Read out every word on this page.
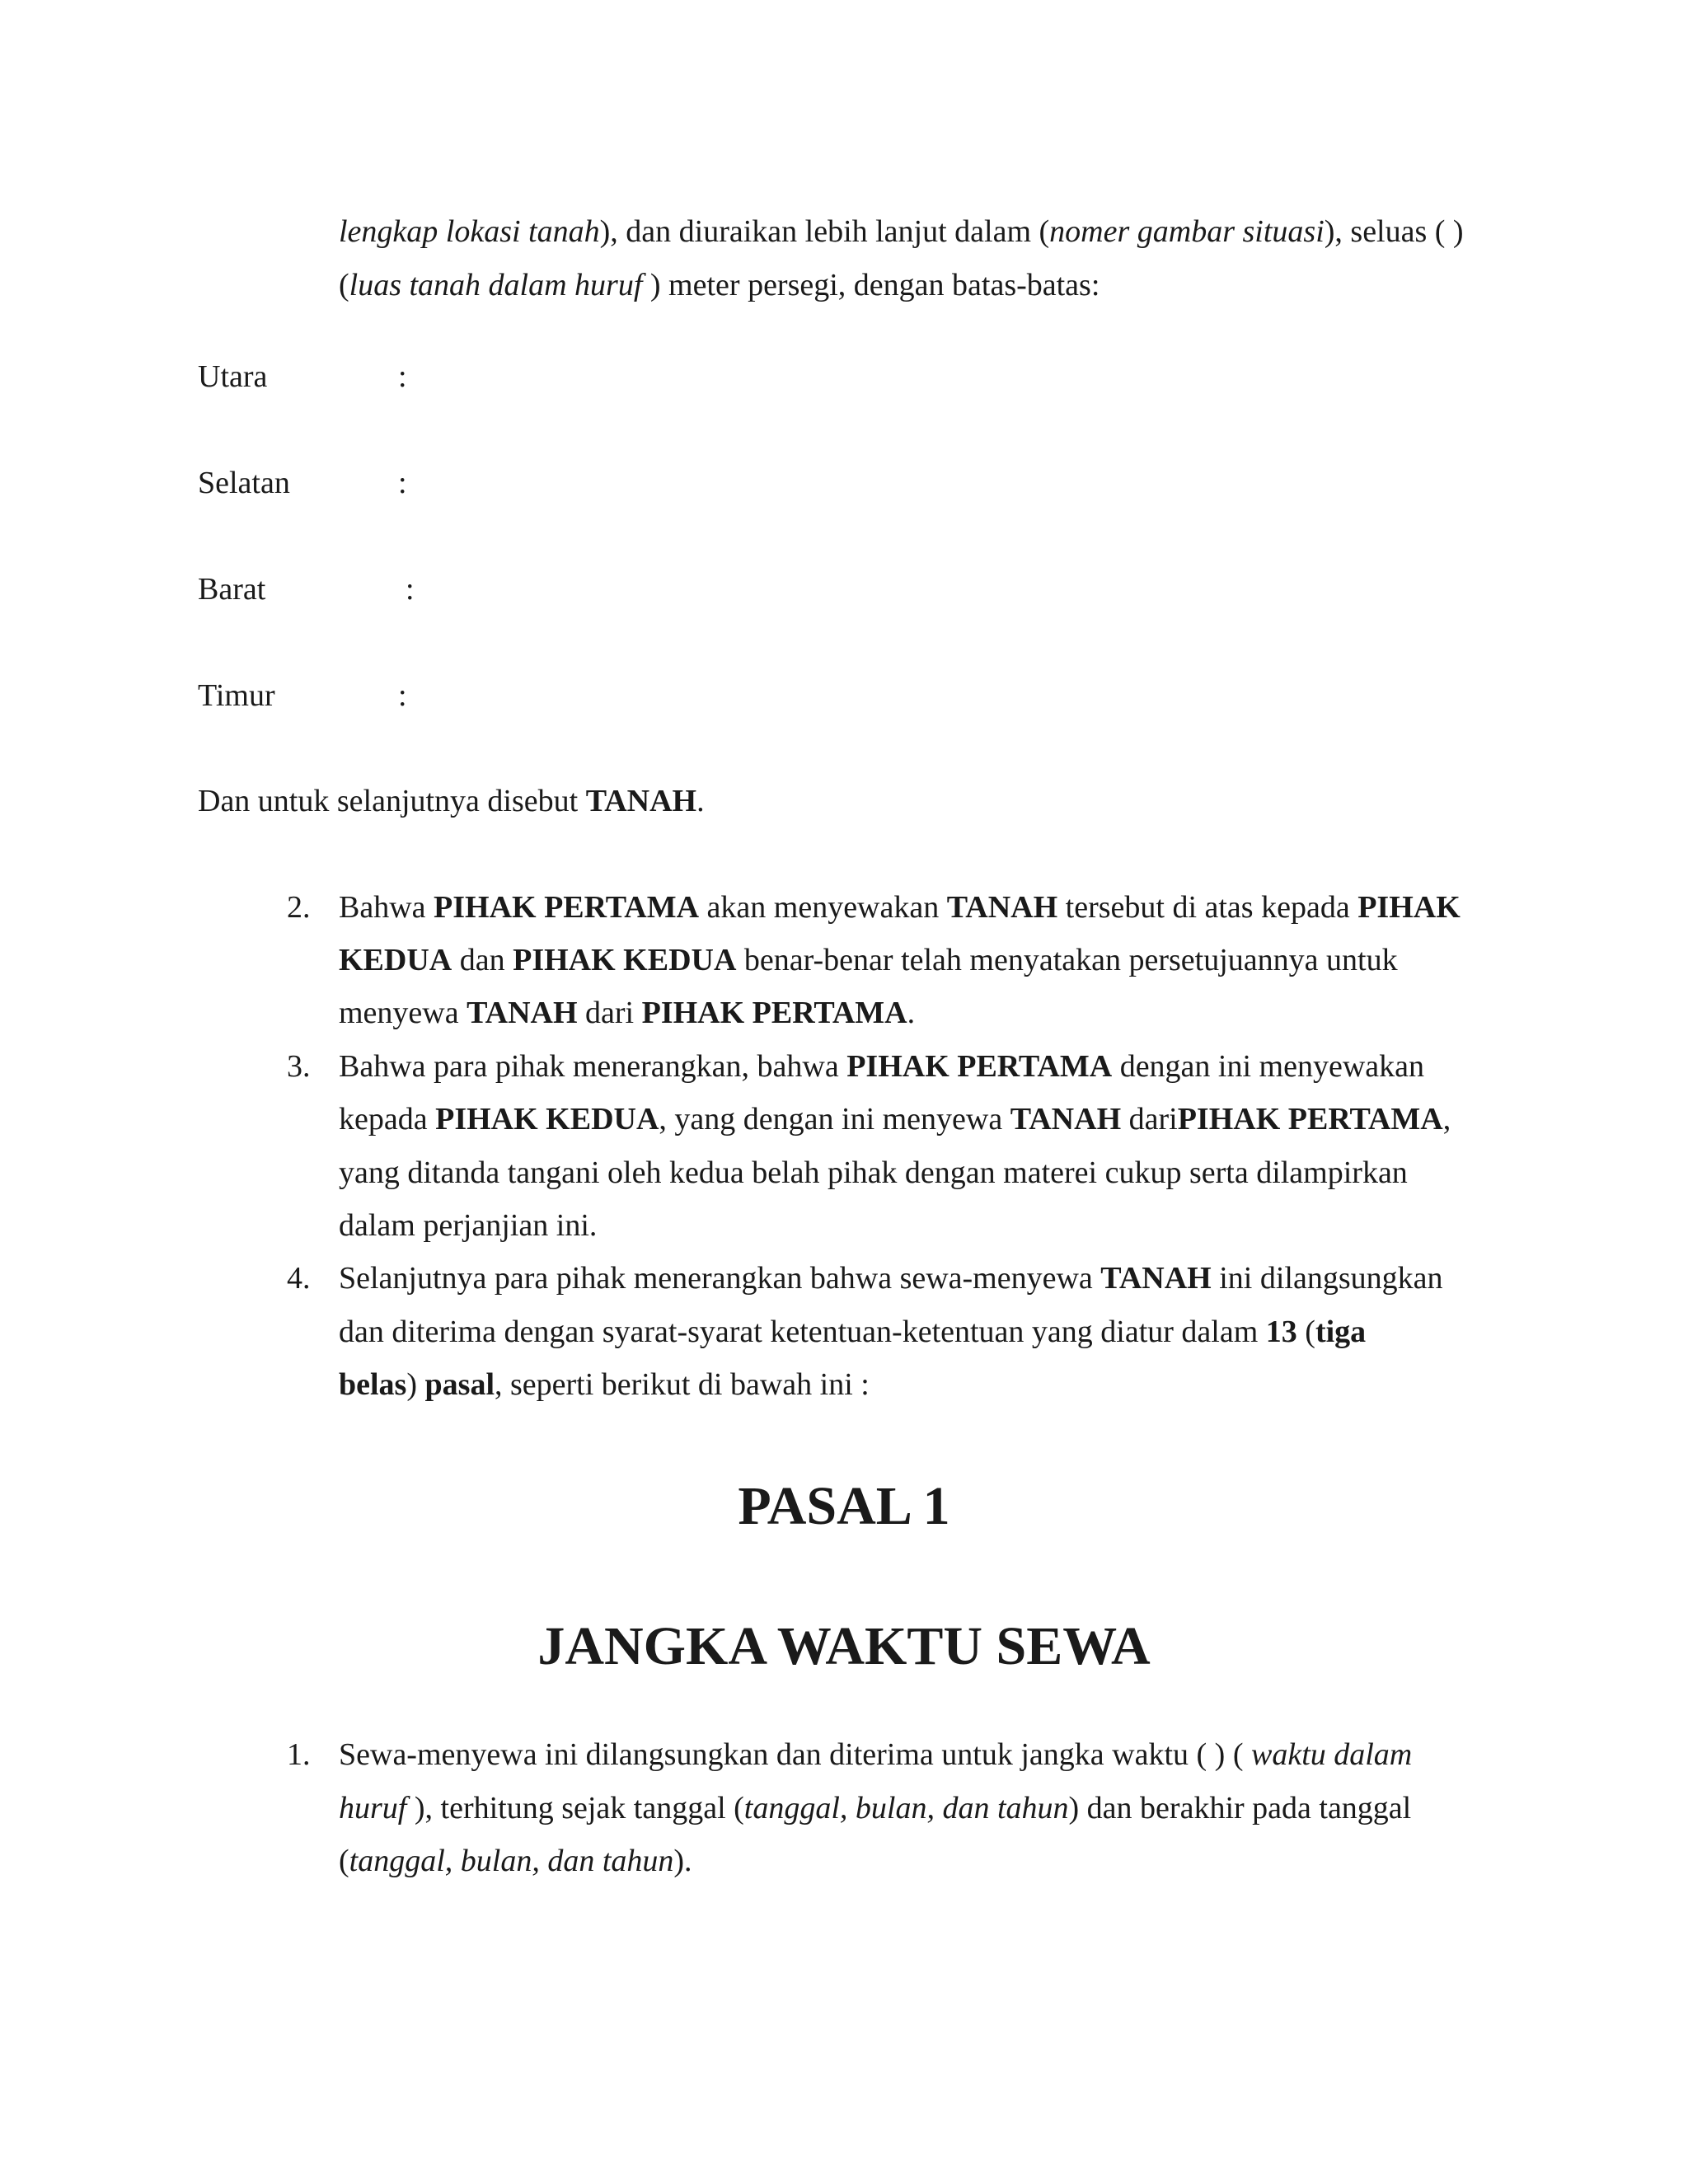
lengkap lokasi tanah), dan diuraikan lebih lanjut dalam (nomer gambar situasi), seluas ( )
(luas tanah dalam huruf ) meter persegi, dengan batas-batas:
Utara	:
Selatan	:
Barat	:
Timur	:
Dan untuk selanjutnya disebut TANAH.
2. Bahwa PIHAK PERTAMA akan menyewakan TANAH tersebut di atas kepada PIHAK
KEDUA dan PIHAK KEDUA benar-benar telah menyatakan persetujuannya untuk
menyewa TANAH dari PIHAK PERTAMA.
3. Bahwa para pihak menerangkan, bahwa PIHAK PERTAMA dengan ini menyewakan
kepada PIHAK KEDUA, yang dengan ini menyewa TANAH dariPIHAK PERTAMA,
yang ditanda tangani oleh kedua belah pihak dengan materei cukup serta dilampirkan
dalam perjanjian ini.
4. Selanjutnya para pihak menerangkan bahwa sewa-menyewa TANAH ini dilangsungkan
dan diterima dengan syarat-syarat ketentuan-ketentuan yang diatur dalam 13 (tiga
belas) pasal, seperti berikut di bawah ini :
PASAL 1
JANGKA WAKTU SEWA
1. Sewa-menyewa ini dilangsungkan dan diterima untuk jangka waktu ( ) ( waktu dalam
huruf ), terhitung sejak tanggal (tanggal, bulan, dan tahun) dan berakhir pada tanggal
(tanggal, bulan, dan tahun).
